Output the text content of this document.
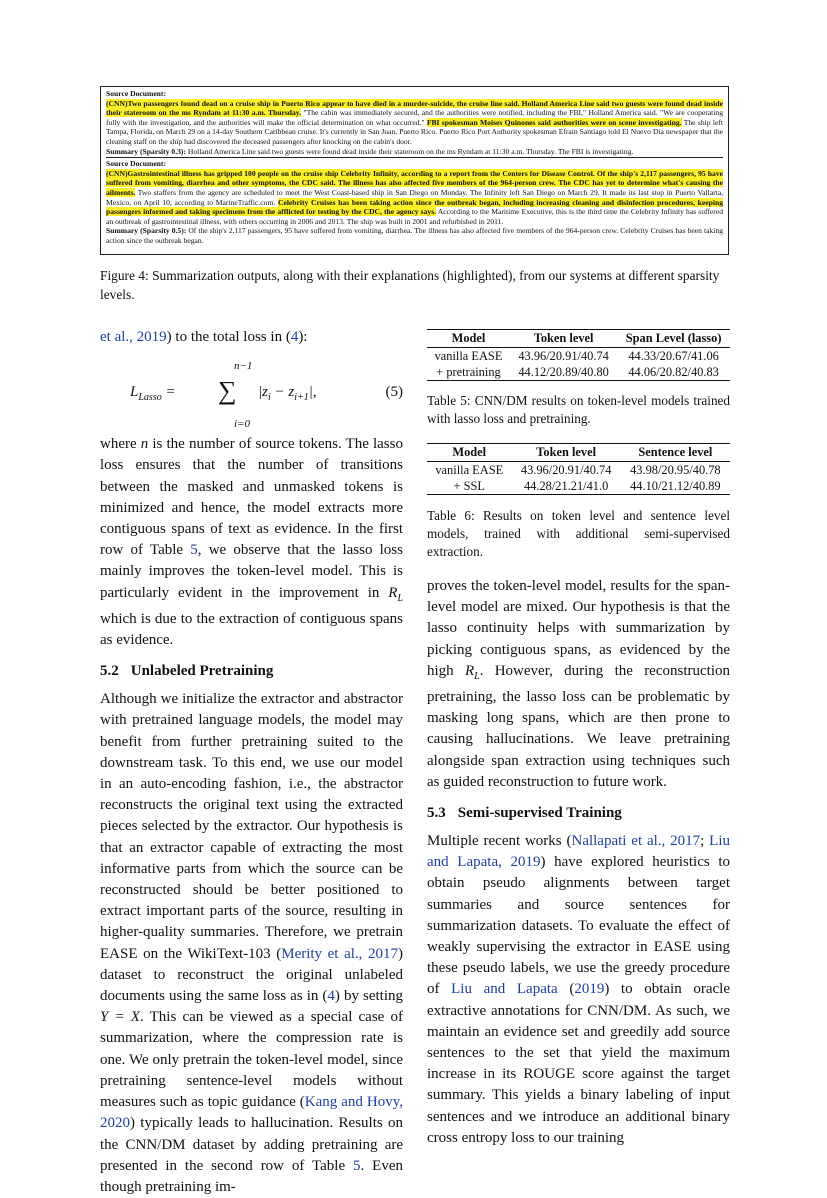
Source Document:
(CNN)Two passengers found dead on a cruise ship in Puerto Rico appear to have died in a murder-suicide, the cruise line said. Holland America Line said two guests were found dead inside their stateroom on the ms Ryndam at 11:30 a.m. Thursday. "The cabin was immediately secured, and the authorities were notified, including the FBI," Holland America said. "We are cooperating fully with the investigation, and the authorities will make the official determination on what occurred." FBI spokesman Moises Quinones said authorities were on scene investigating. The ship left Tampa, Florida, on March 29 on a 14-day Southern Caribbean cruise. It's currently in San Juan, Puerto Rico. Puerto Rico Port Authority spokesman Efrain Santiago told El Nuevo Dia newspaper that the cleaning staff on the ship had discovered the deceased passengers after knocking on the cabin's door.
Summary (Sparsity 0.3): Holland America Line said two guests were found dead inside their stateroom on the ms Ryndam at 11:30 a.m. Thursday. The FBI is investigating.
Source Document:
(CNN)Gastrointestinal illness has gripped 100 people on the cruise ship Celebrity Infinity, according to a report from the Centers for Disease Control. Of the ship's 2,117 passengers, 95 have suffered from vomiting, diarrhea and other symptoms, the CDC said. The illness has also affected five members of the 964-person crew. The CDC has yet to determine what's causing the ailments. Two staffers from the agency are scheduled to meet the West Coast-based ship in San Diego on Monday. The Infinity left San Diego on March 29. It made its last stop in Puerto Vallarta, Mexico, on April 10, according to MarineTraffic.com. Celebrity Cruises has been taking action since the outbreak began, including increasing cleaning and disinfection procedures, keeping passengers informed and taking specimens from the afflicted for testing by the CDC, the agency says. According to the Maritime Executive, this is the third time the Celebrity Infinity has suffered an outbreak of gastrointestinal illness, with others occurring in 2006 and 2013. The ship was built in 2001 and refurbished in 2011.
Summary (Sparsity 0.5): Of the ship's 2,117 passengers, 95 have suffered from vomiting, diarrhea. The illness has also affected five members of the 964-person crew. Celebrity Cruises has been taking action since the outbreak began.
Figure 4: Summarization outputs, along with their explanations (highlighted), from our systems at different sparsity levels.

et al., 2019) to the total loss in (4):

$L_{Lasso}$ =
n−1
∑
i=0
$|z_i - z_{i+1}|$,	(5)

where n is the number of source tokens. The lasso loss ensures that the number of transitions between the masked and unmasked tokens is minimized and hence, the model extracts more contiguous spans of text as evidence. In the first row of Table 5, we observe that the lasso loss mainly improves the token-level model. This is particularly evident in the improvement in $R_L$ which is due to the extraction of contiguous spans as evidence.

5.2 Unlabeled Pretraining

Although we initialize the extractor and abstractor with pretrained language models, the model may benefit from further pretraining suited to the downstream task. To this end, we use our model in an auto-encoding fashion, i.e., the abstractor reconstructs the original text using the extracted pieces selected by the extractor. Our hypothesis is that an extractor capable of extracting the most informative parts from which the source can be reconstructed should be better positioned to extract important parts of the source, resulting in higher-quality summaries. Therefore, we pretrain EASE on the WikiText-103 (Merity et al., 2017) dataset to reconstruct the original unlabeled documents using the same loss as in (4) by setting Y = X. This can be viewed as a special case of summarization, where the compression rate is one. We only pretrain the token-level model, since pretraining sentence-level models without measures such as topic guidance (Kang and Hovy, 2020) typically leads to hallucination. Results on the CNN/DM dataset by adding pretraining are presented in the second row of Table 5. Even though pretraining im-

Model	Token level	Span Level (lasso)
vanilla EASE	43.96/20.91/40.74	44.33/20.67/41.06
+ pretraining	44.12/20.89/40.80	44.06/20.82/40.83
Table 5: CNN/DM results on token-level models trained with lasso loss and pretraining.
Model	Token level	Sentence level
vanilla EASE	43.96/20.91/40.74	43.98/20.95/40.78
+ SSL	44.28/21.21/41.0	44.10/21.12/40.89
Table 6: Results on token level and sentence level models, trained with additional semi-supervised extraction.

proves the token-level model, results for the span-level model are mixed. Our hypothesis is that the lasso continuity helps with summarization by picking contiguous spans, as evidenced by the high $R_L$. However, during the reconstruction pretraining, the lasso loss can be problematic by masking long spans, which are then prone to causing hallucinations. We leave pretraining alongside span extraction using techniques such as guided reconstruction to future work.

5.3 Semi-supervised Training

Multiple recent works (Nallapati et al., 2017; Liu and Lapata, 2019) have explored heuristics to obtain pseudo alignments between target summaries and source sentences for summarization datasets. To evaluate the effect of weakly supervising the extractor in EASE using these pseudo labels, we use the greedy procedure of Liu and Lapata (2019) to obtain oracle extractive annotations for CNN/DM. As such, we maintain an evidence set and greedily add source sentences to the set that yield the maximum increase in its ROUGE score against the target summary. This yields a binary labeling of input sentences and we introduce an additional binary cross entropy loss to our training
